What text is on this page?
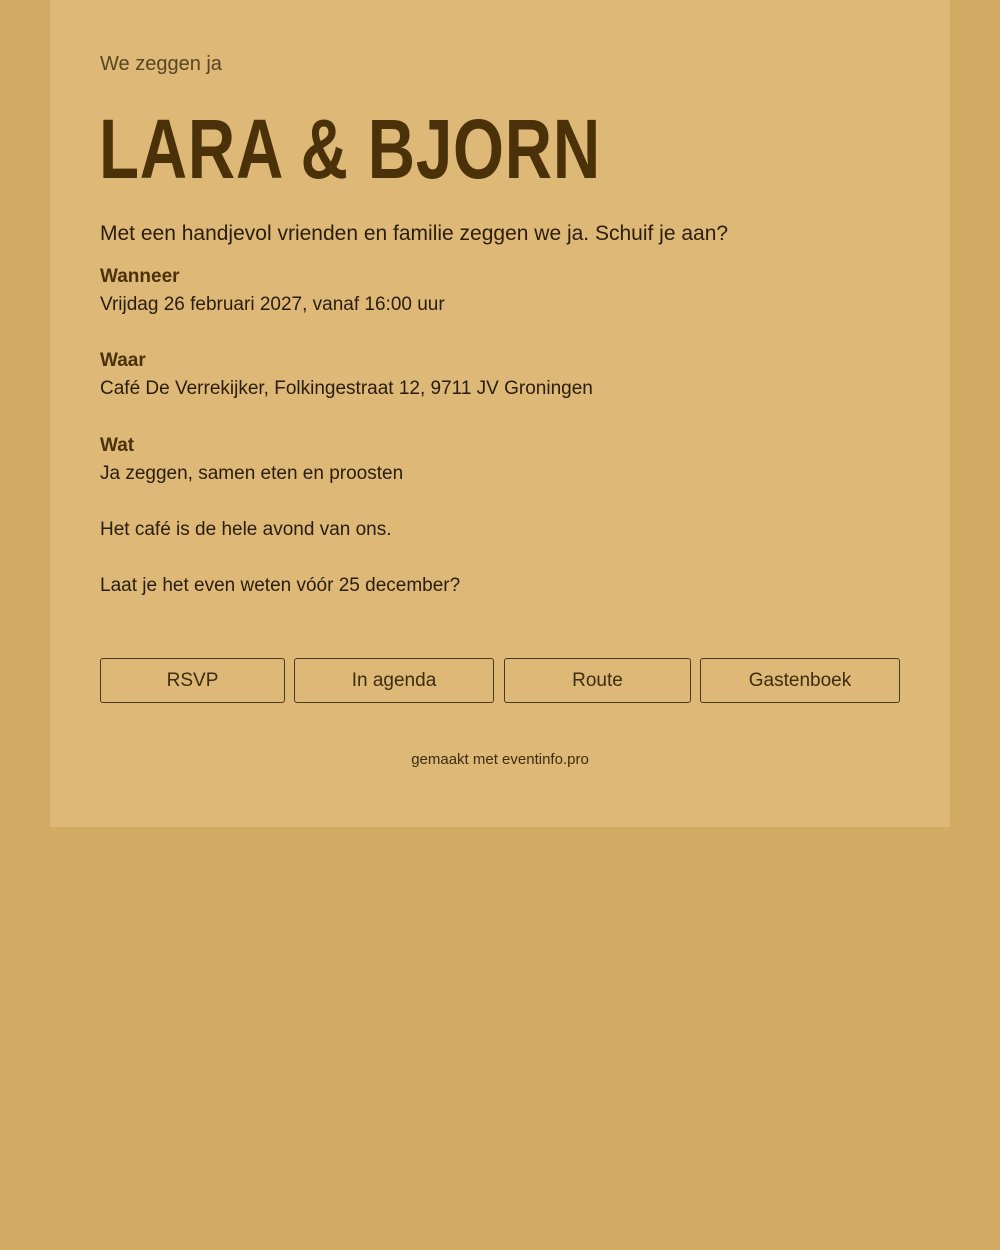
We zeggen ja
LARA & BJORN
Met een handjevol vrienden en familie zeggen we ja. Schuif je aan?
Wanneer
Vrijdag 26 februari 2027, vanaf 16:00 uur
Waar
Café De Verrekijker, Folkingestraat 12, 9711 JV Groningen
Wat
Ja zeggen, samen eten en proosten
Het café is de hele avond van ons.
Laat je het even weten vóór 25 december?
RSVP	In agenda	Route	Gastenboek
gemaakt met eventinfo.pro
